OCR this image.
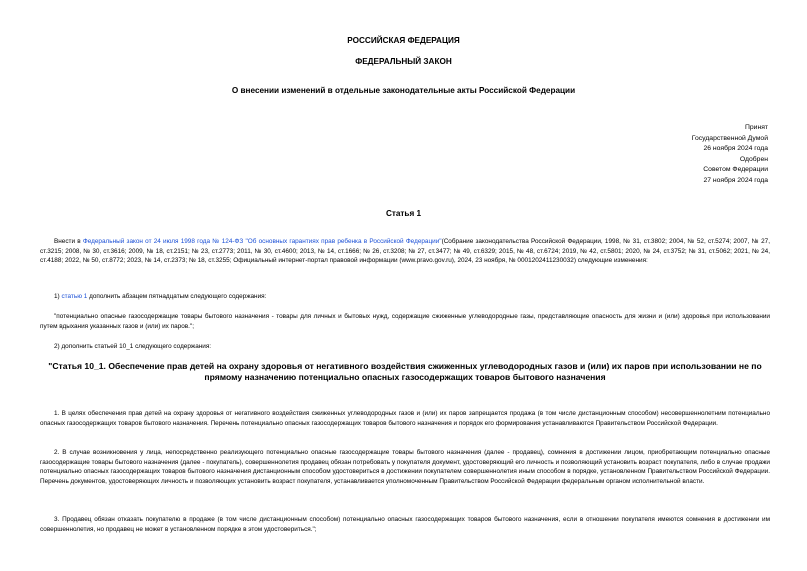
РОССИЙСКАЯ ФЕДЕРАЦИЯ
ФЕДЕРАЛЬНЫЙ ЗАКОН
О внесении изменений в отдельные законодательные акты Российской Федерации
Принят
Государственной Думой
26 ноября 2024 года
Одобрен
Советом Федерации
27 ноября 2024 года
Статья 1
Внести в Федеральный закон от 24 июля 1998 года № 124-ФЗ "Об основных гарантиях прав ребенка в Российской Федерации"(Собрание законодательства Российской Федерации, 1998, № 31, ст.3802; 2004, № 52, ст.5274; 2007, № 27, ст.3215; 2008, № 30, ст.3616; 2009, № 18, ст.2151; № 23, ст.2773; 2011, № 30, ст.4600; 2013, № 14, ст.1666; № 26, ст.3208; № 27, ст.3477; № 49, ст.6329; 2015, № 48, ст.6724; 2019, № 42, ст.5801; 2020, № 24, ст.3752; № 31, ст.5062; 2021, № 24, ст.4188; 2022, № 50, ст.8772; 2023, № 14, ст.2373; № 18, ст.3255; Официальный интернет-портал правовой информации (www.pravo.gov.ru), 2024, 23 ноября, № 0001202411230032) следующие изменения:
1) статью 1 дополнить абзацем пятнадцатым следующего содержания:
"потенциально опасные газосодержащие товары бытового назначения - товары для личных и бытовых нужд, содержащие сжиженные углеводородные газы, представляющие опасность для жизни и (или) здоровья при использовании путем вдыхания указанных газов и (или) их паров.";
2) дополнить статьей 10_1 следующего содержания:
"Статья 10_1. Обеспечение прав детей на охрану здоровья от негативного воздействия сжиженных углеводородных газов и (или) их паров при использовании не по прямому назначению потенциально опасных газосодержащих товаров бытового назначения
1. В целях обеспечения прав детей на охрану здоровья от негативного воздействия сжиженных углеводородных газов и (или) их паров запрещается продажа (в том числе дистанционным способом) несовершеннолетним потенциально опасных газосодержащих товаров бытового назначения. Перечень потенциально опасных газосодержащих товаров бытового назначения и порядок его формирования устанавливаются Правительством Российской Федерации.
2. В случае возникновения у лица, непосредственно реализующего потенциально опасные газосодержащие товары бытового назначения (далее - продавец), сомнения в достижении лицом, приобретающим потенциально опасные газосодержащие товары бытового назначения (далее - покупатель), совершеннолетия продавец обязан потребовать у покупателя документ, удостоверяющий его личность и позволяющий установить возраст покупателя, либо в случае продажи потенциально опасных газосодержащих товаров бытового назначения дистанционным способом удостовериться в достижении покупателем совершеннолетия иным способом в порядке, установленном Правительством Российской Федерации. Перечень документов, удостоверяющих личность и позволяющих установить возраст покупателя, устанавливается уполномоченным Правительством Российской Федерации федеральным органом исполнительной власти.
3. Продавец обязан отказать покупателю в продаже (в том числе дистанционным способом) потенциально опасных газосодержащих товаров бытового назначения, если в отношении покупателя имеются сомнения в достижении им совершеннолетия, но продавец не может в установленном порядке в этом удостовериться.";
